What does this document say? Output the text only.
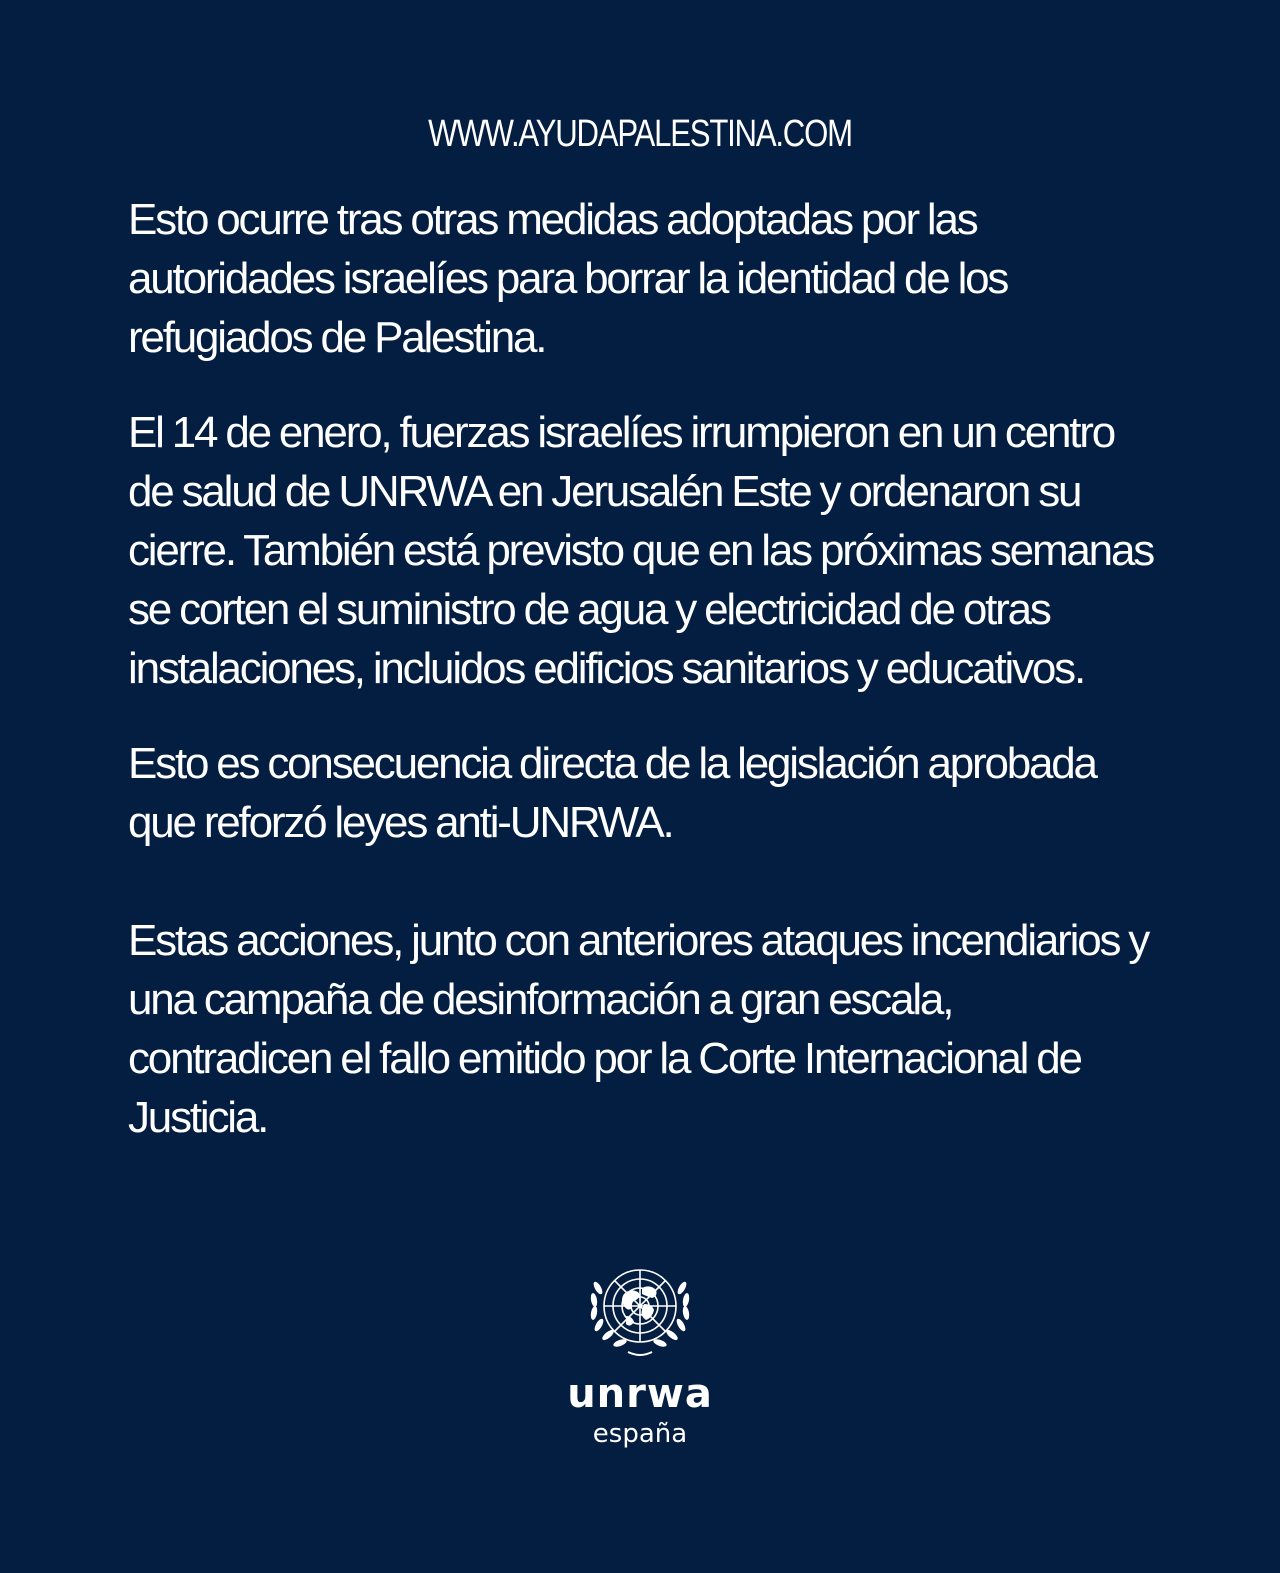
WWW.AYUDAPALESTINA.COM

Esto ocurre tras otras medidas adoptadas por las autoridades israelíes para borrar la identidad de los refugiados de Palestina.

El 14 de enero, fuerzas israelíes irrumpieron en un centro de salud de UNRWA en Jerusalén Este y ordenaron su cierre. También está previsto que en las próximas semanas se corten el suministro de agua y electricidad de otras instalaciones, incluidos edificios sanitarios y educativos.

Esto es consecuencia directa de la legislación aprobada que reforzó leyes anti-UNRWA.

Estas acciones, junto con anteriores ataques incendiarios y una campaña de desinformación a gran escala, contradicen el fallo emitido por la Corte Internacional de Justicia.

unrwa
españa
